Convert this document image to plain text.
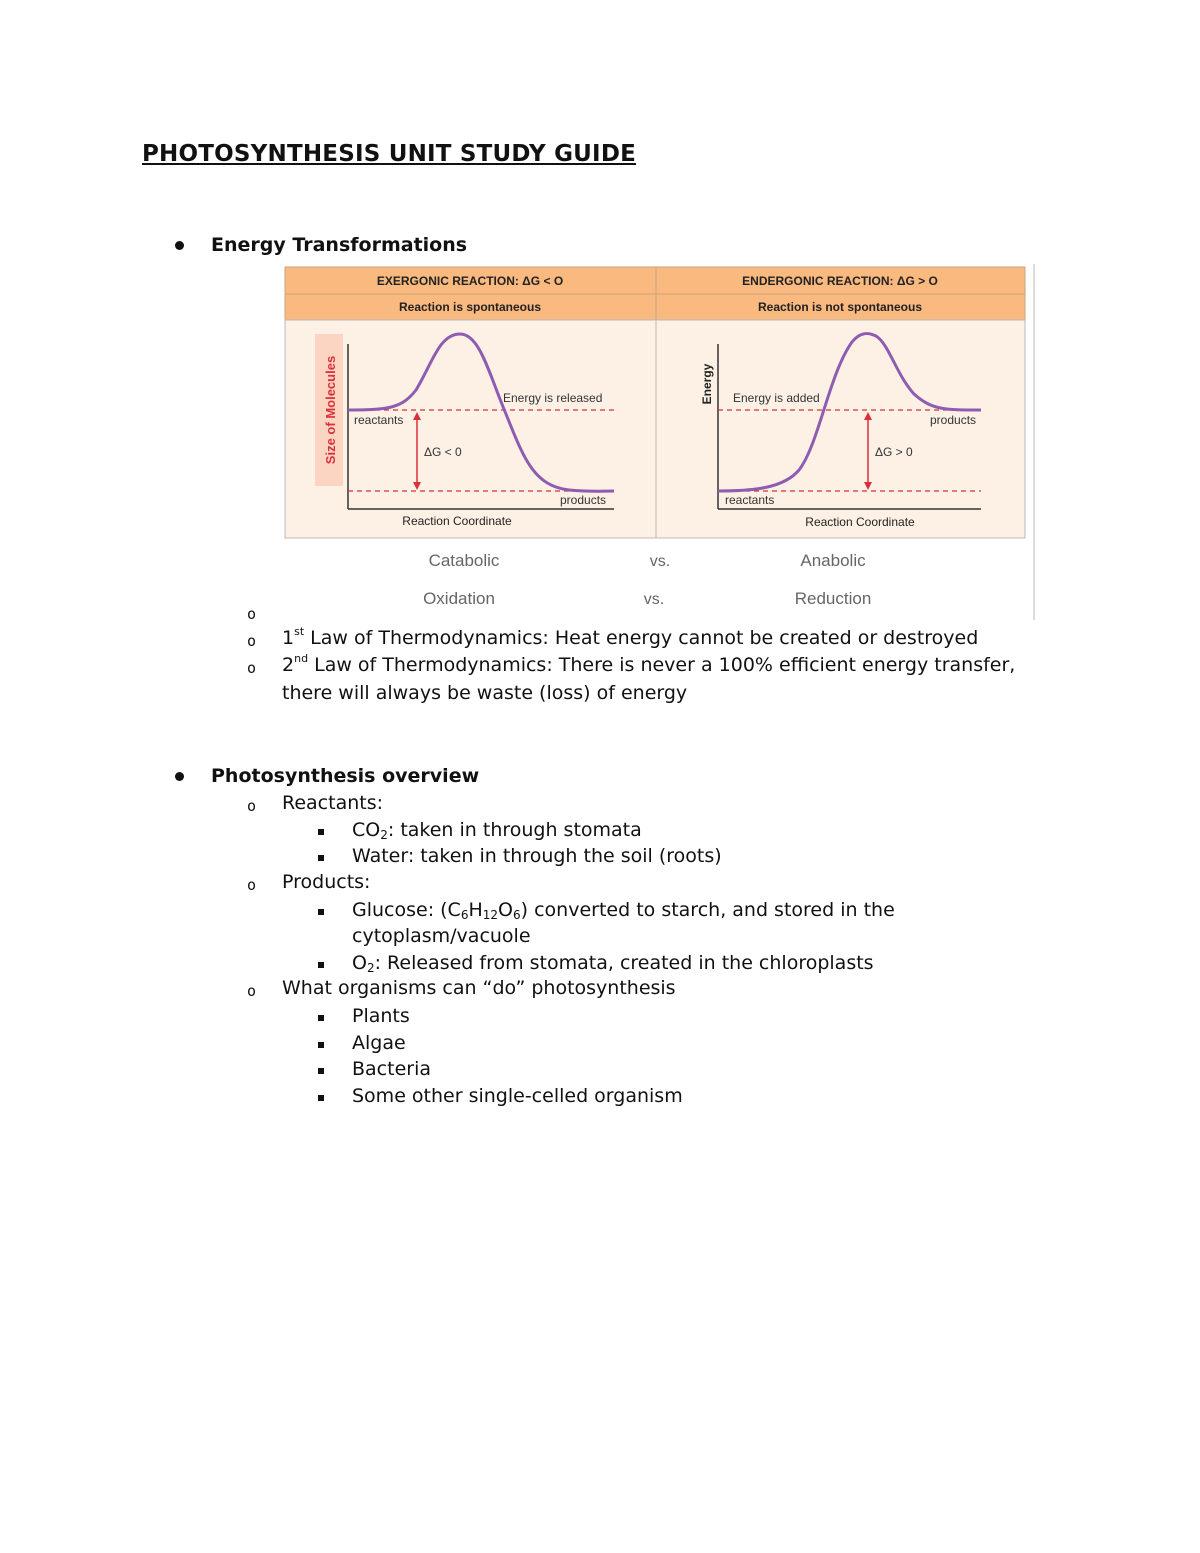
PHOTOSYNTHESIS UNIT STUDY GUIDE
Energy Transformations
EXERGONIC REACTION: ΔG < O	ENDERGONIC REACTION: ΔG > O
Reaction is spontaneous	Reaction is not spontaneous
Size of Molecules reactants
Energy is released
ΔG < 0
products
Reaction Coordinate
Energy Energy is added
products
ΔG > 0
reactants
Reaction Coordinate
Catabolic	vs.	Anabolic
Oxidation	vs.	Reduction
o
o 1st Law of Thermodynamics: Heat energy cannot be created or destroyed
o 2nd Law of Thermodynamics: There is never a 100% efficient energy transfer,
there will always be waste (loss) of energy
Photosynthesis overview
o Reactants:
$CO_2$: taken in through stomata
Water: taken in through the soil (roots)
o Products:
Glucose: $(C_6H_{12}O_6)$ converted to starch, and stored in the
cytoplasm/vacuole
$O_2$: Released from stomata, created in the chloroplasts
o What organisms can “do” photosynthesis
Plants
Algae
Bacteria
Some other single-celled organism
